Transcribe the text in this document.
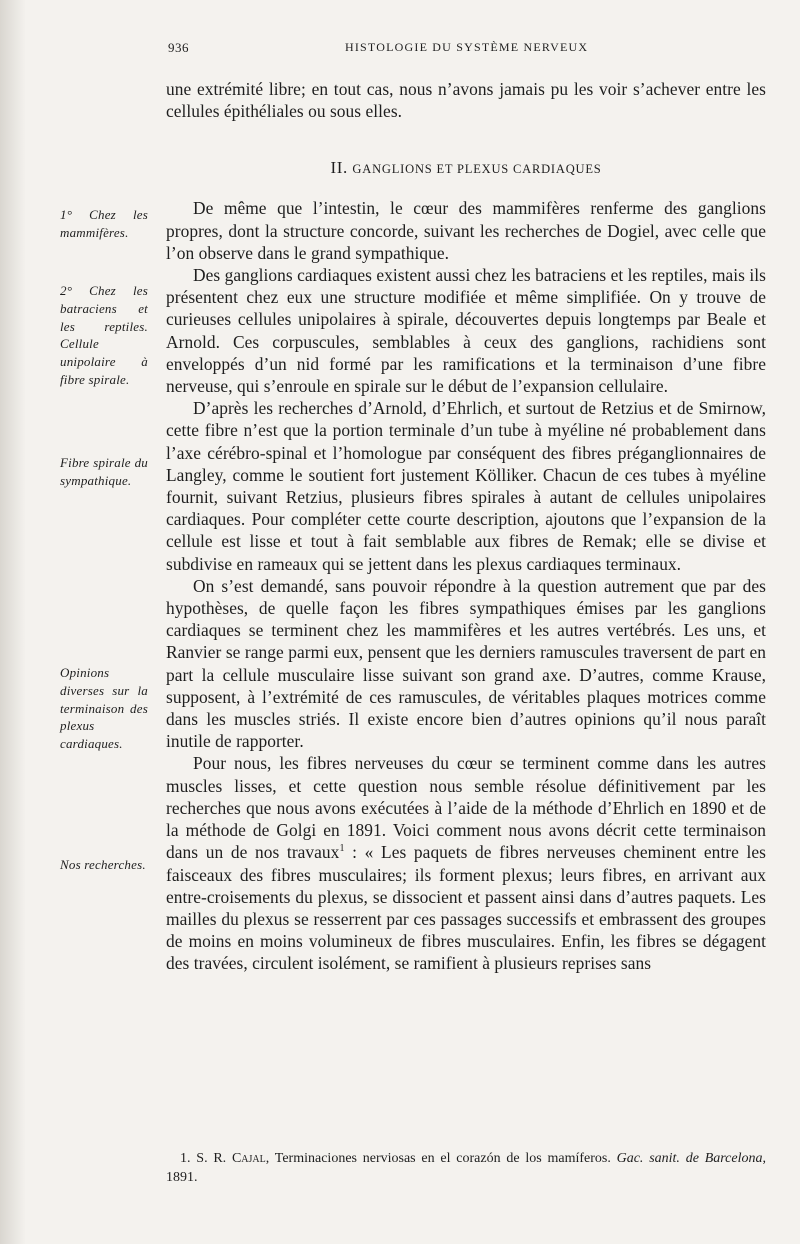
936	HISTOLOGIE DU SYSTÈME NERVEUX

une extrémité libre; en tout cas, nous n’avons jamais pu les voir s’achever entre les cellules épithéliales ou sous elles.

II. GANGLIONS ET PLEXUS CARDIAQUES

De même que l’intestin, le cœur des mammifères renferme des ganglions propres, dont la structure concorde, suivant les recherches de Dogiel, avec celle que l’on observe dans le grand sympathique.

Des ganglions cardiaques existent aussi chez les batraciens et les reptiles, mais ils présentent chez eux une structure modifiée et même simplifiée. On y trouve de curieuses cellules unipolaires à spirale, découvertes depuis longtemps par Beale et Arnold. Ces corpuscules, semblables à ceux des ganglions, rachidiens sont enveloppés d’un nid formé par les ramifications et la terminaison d’une fibre nerveuse, qui s’enroule en spirale sur le début de l’expansion cellulaire.

D’après les recherches d’Arnold, d’Ehrlich, et surtout de Retzius et de Smirnow, cette fibre n’est que la portion terminale d’un tube à myéline né probablement dans l’axe cérébro-spinal et l’homologue par conséquent des fibres préganglionnaires de Langley, comme le soutient fort justement Kölliker. Chacun de ces tubes à myéline fournit, suivant Retzius, plusieurs fibres spirales à autant de cellules unipolaires cardiaques. Pour compléter cette courte description, ajoutons que l’expansion de la cellule est lisse et tout à fait semblable aux fibres de Remak; elle se divise et subdivise en rameaux qui se jettent dans les plexus cardiaques terminaux.

On s’est demandé, sans pouvoir répondre à la question autrement que par des hypothèses, de quelle façon les fibres sympathiques émises par les ganglions cardiaques se terminent chez les mammifères et les autres vertébrés. Les uns, et Ranvier se range parmi eux, pensent que les derniers ramuscules traversent de part en part la cellule musculaire lisse suivant son grand axe. D’autres, comme Krause, supposent, à l’extrémité de ces ramuscules, de véritables plaques motrices comme dans les muscles striés. Il existe encore bien d’autres opinions qu’il nous paraît inutile de rapporter.

Pour nous, les fibres nerveuses du cœur se terminent comme dans les autres muscles lisses, et cette question nous semble résolue définitivement par les recherches que nous avons exécutées à l’aide de la méthode d’Ehrlich en 1890 et de la méthode de Golgi en 1891. Voici comment nous avons décrit cette terminaison dans un de nos travaux$^1$ : « Les paquets de fibres nerveuses cheminent entre les faisceaux des fibres musculaires; ils forment plexus; leurs fibres, en arrivant aux entre-croisements du plexus, se dissocient et passent ainsi dans d’autres paquets. Les mailles du plexus se resserrent par ces passages successifs et embrassent des groupes de moins en moins volumineux de fibres musculaires. Enfin, les fibres se dégagent des travées, circulent isolément, se ramifient à plusieurs reprises sans

1° Chez les mammifères.
2° Chez les batraciens et les reptiles. Cellule unipolaire à fibre spirale.
Fibre spirale du sympathique.
Opinions diverses sur la terminaison des plexus cardiaques.
Nos recherches.

1. S. R. Cajal, Terminaciones nerviosas en el corazón de los mamíferos. Gac. sanit. de Barcelona, 1891.
